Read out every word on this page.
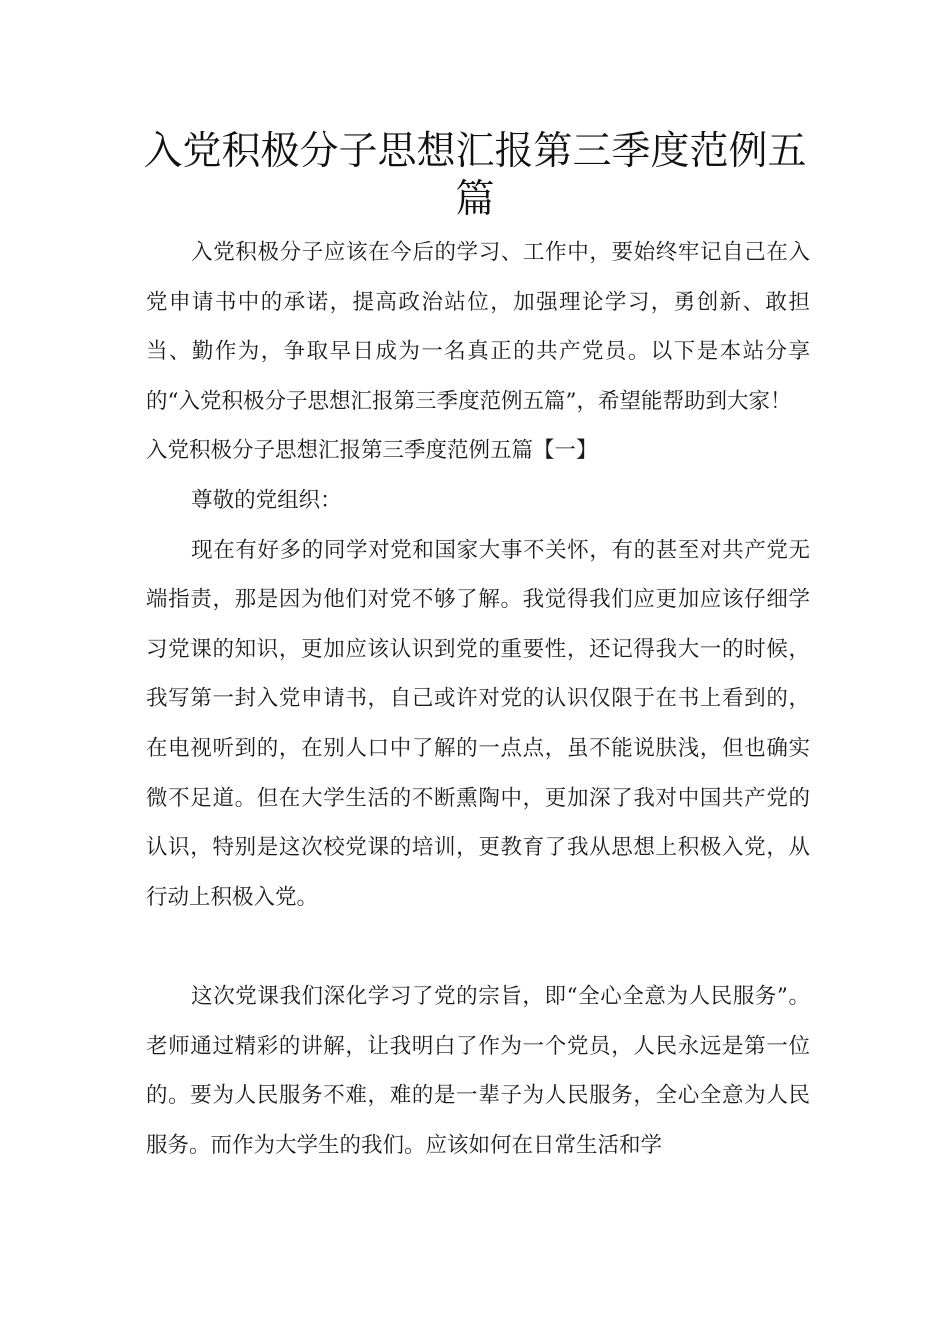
入党积极分子思想汇报第三季度范例五篇

入党积极分子应该在今后的学习、工作中，要始终牢记自己在入党申请书中的承诺，提高政治站位，加强理论学习，勇创新、敢担当、勤作为，争取早日成为一名真正的共产党员。以下是本站分享的“入党积极分子思想汇报第三季度范例五篇”，希望能帮助到大家！

入党积极分子思想汇报第三季度范例五篇【一】

尊敬的党组织：

现在有好多的同学对党和国家大事不关怀，有的甚至对共产党无端指责，那是因为他们对党不够了解。我觉得我们应更加应该仔细学习党课的知识，更加应该认识到党的重要性，还记得我大一的时候，我写第一封入党申请书，自己或许对党的认识仅限于在书上看到的，在电视听到的，在别人口中了解的一点点，虽不能说肤浅，但也确实微不足道。但在大学生活的不断熏陶中，更加深了我对中国共产党的认识，特别是这次校党课的培训，更教育了我从思想上积极入党，从行动上积极入党。

这次党课我们深化学习了党的宗旨，即“全心全意为人民服务”。老师通过精彩的讲解，让我明白了作为一个党员，人民永远是第一位的。要为人民服务不难，难的是一辈子为人民服务，全心全意为人民服务。而作为大学生的我们。应该如何在日常生活和学
